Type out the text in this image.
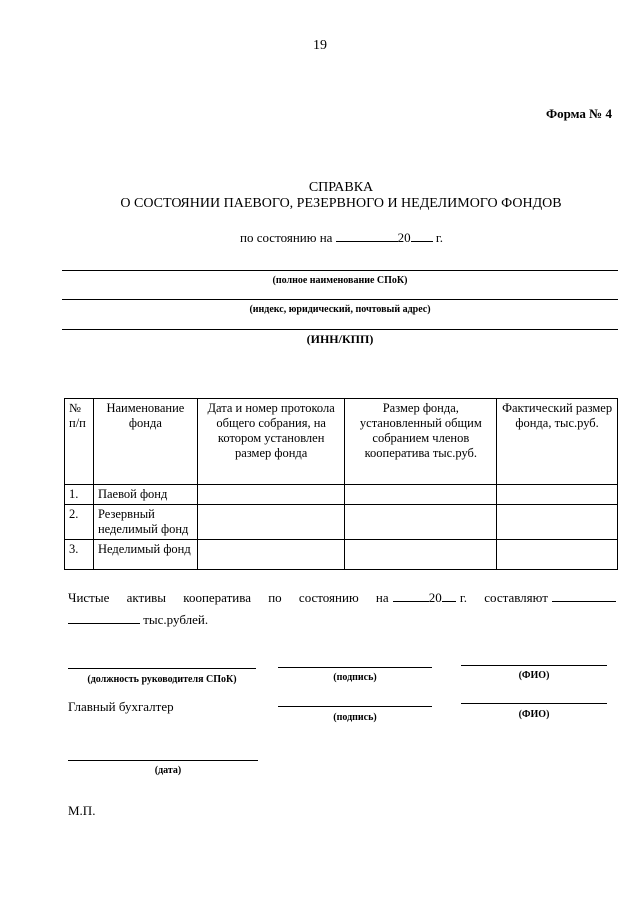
19
Форма № 4
СПРАВКА
О СОСТОЯНИИ ПАЕВОГО, РЕЗЕРВНОГО И НЕДЕЛИМОГО ФОНДОВ
по состоянию на	20 г.
(полное наименование СПоК)
(индекс, юридический, почтовый адрес)
(ИНН/КПП)
№ п/п	Наименование фонда	Дата и номер протокола общего собрания, на котором установлен размер фонда	Размер фонда, установленный общим собранием членов кооператива тыс.руб.	Фактический размер фонда, тыс.руб.
1.	Паевой фонд			
2.	Резервный неделимый фонд			
3.	Неделимый фонд			
Чистые активы кооператива по состоянию на	20	г. составляют
тыс.рублей.
(должность руководителя СПоК)	(подпись)	(ФИО)
Главный бухгалтер
(подпись)	(ФИО)
(дата)
М.П.
